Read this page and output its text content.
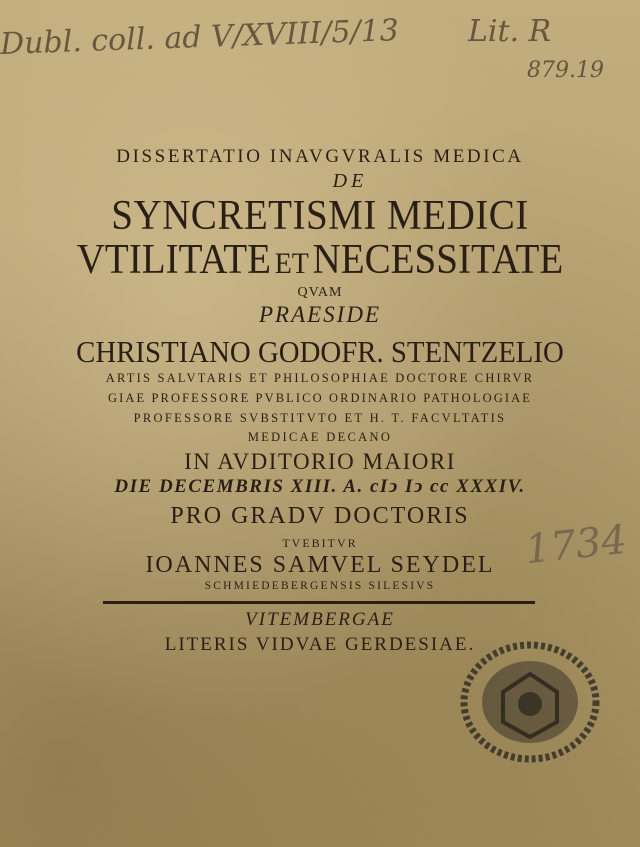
Dubl. coll. ad V/XVIII/5/13 Lit. R
879.19
1734
DISSERTATIO INAVGVRALIS MEDICA
DE
SYNCRETISMI MEDICI
VTILITATE ET NECESSITATE
QVAM
PRAESIDE
CHRISTIANO GODOFR. STENTZELIO
ARTIS SALVTARIS ET PHILOSOPHIAE DOCTORE CHIRVR
GIAE PROFESSORE PVBLICO ORDINARIO PATHOLOGIAE
PROFESSORE SVBSTITVTO ET H. T. FACVLTATIS
MEDICAE DECANO
IN AVDITORIO MAIORI
DIE DECEMBRIS XIII. A. cIↄ Iↄ cc XXXIV.
PRO GRADV DOCTORIS
TVEBITVR
IOANNES SAMVEL SEYDEL
SCHMIEDEBERGENSIS SILESIVS
VITEMBERGAE
LITERIS VIDVAE GERDESIAE.
